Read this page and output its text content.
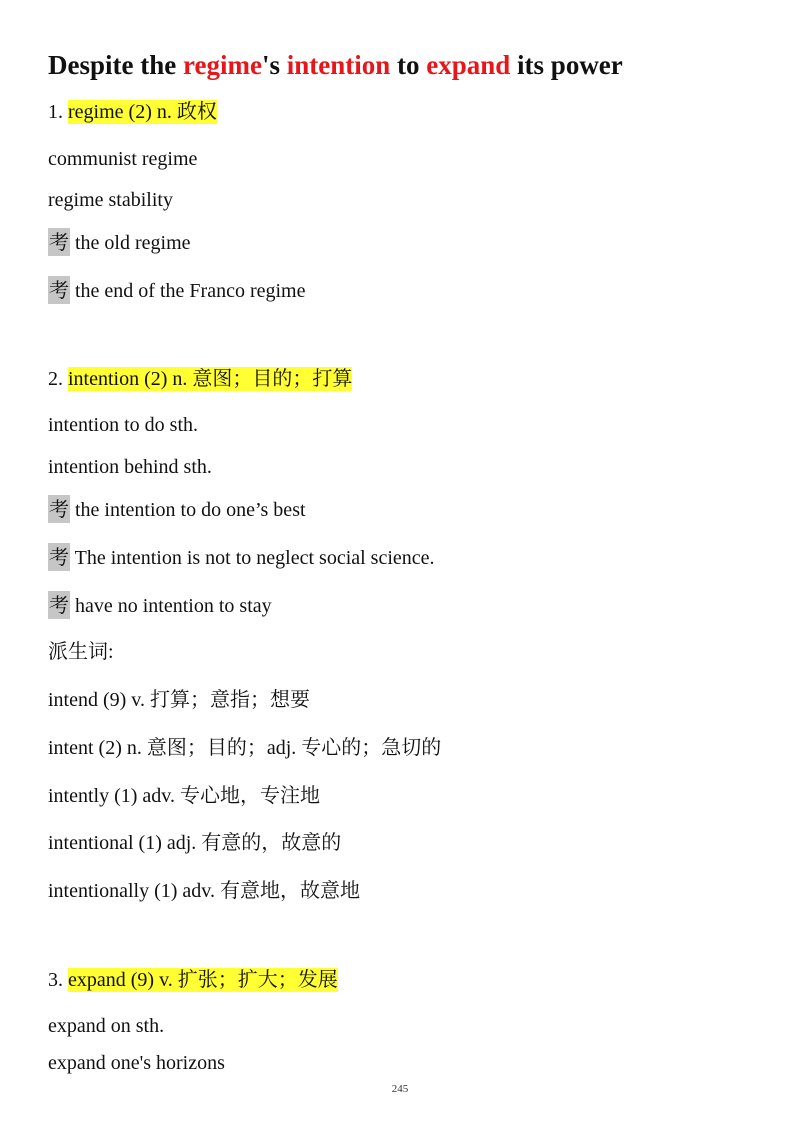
Despite the regime's intention to expand its power
1. regime (2) n. 政权
communist regime
regime stability
考 the old regime
考 the end of the Franco regime
2. intention (2) n. 意图；目的；打算
intention to do sth.
intention behind sth.
考 the intention to do one’s best
考 The intention is not to neglect social science.
考 have no intention to stay
派生词:
intend (9) v. 打算；意指；想要
intent (2) n. 意图；目的；adj. 专心的；急切的
intently (1) adv. 专心地，专注地
intentional (1) adj. 有意的，故意的
intentionally (1) adv. 有意地，故意地
3. expand (9) v. 扩张；扩大；发展
expand on sth.
expand one's horizons
245
